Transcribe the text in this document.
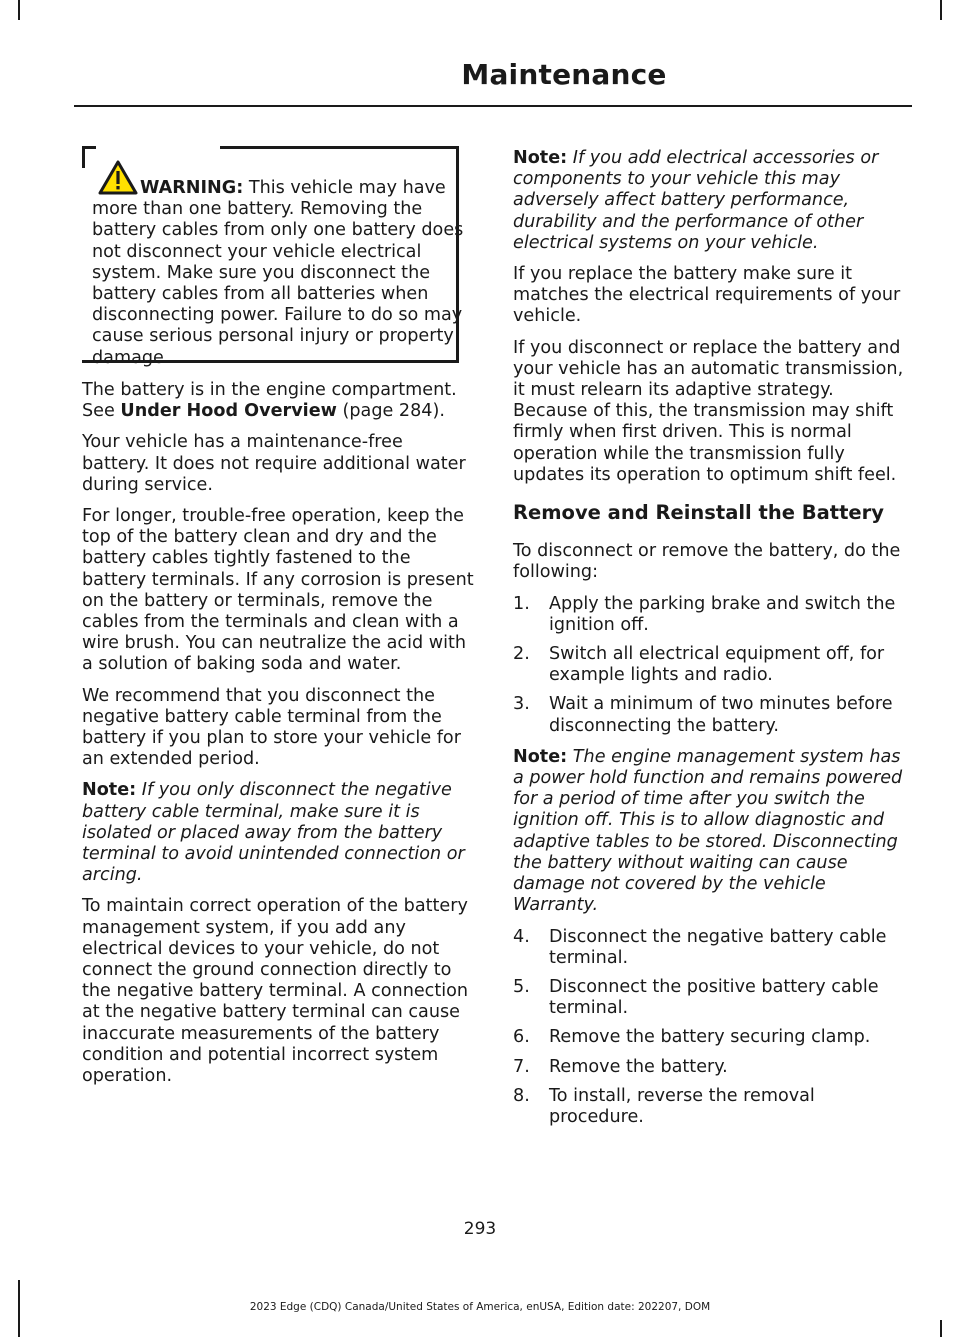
Maintenance
WARNING: This vehicle may have more than one battery. Removing the battery cables from only one battery does not disconnect your vehicle electrical system. Make sure you disconnect the battery cables from all batteries when disconnecting power. Failure to do so may cause serious personal injury or property damage.

The battery is in the engine compartment. See Under Hood Overview (page 284).

Your vehicle has a maintenance-free battery. It does not require additional water during service.

For longer, trouble-free operation, keep the top of the battery clean and dry and the battery cables tightly fastened to the battery terminals. If any corrosion is present on the battery or terminals, remove the cables from the terminals and clean with a wire brush. You can neutralize the acid with a solution of baking soda and water.

We recommend that you disconnect the negative battery cable terminal from the battery if you plan to store your vehicle for an extended period.

Note: If you only disconnect the negative battery cable terminal, make sure it is isolated or placed away from the battery terminal to avoid unintended connection or arcing.

To maintain correct operation of the battery management system, if you add any electrical devices to your vehicle, do not connect the ground connection directly to the negative battery terminal. A connection at the negative battery terminal can cause inaccurate measurements of the battery condition and potential incorrect system operation.

Note: If you add electrical accessories or components to your vehicle this may adversely affect battery performance, durability and the performance of other electrical systems on your vehicle.

If you replace the battery make sure it matches the electrical requirements of your vehicle.

If you disconnect or replace the battery and your vehicle has an automatic transmission, it must relearn its adaptive strategy. Because of this, the transmission may shift firmly when first driven. This is normal operation while the transmission fully updates its operation to optimum shift feel.

Remove and Reinstall the Battery

To disconnect or remove the battery, do the following:

1. Apply the parking brake and switch the ignition off.
2. Switch all electrical equipment off, for example lights and radio.
3. Wait a minimum of two minutes before disconnecting the battery.

Note: The engine management system has a power hold function and remains powered for a period of time after you switch the ignition off. This is to allow diagnostic and adaptive tables to be stored. Disconnecting the battery without waiting can cause damage not covered by the vehicle Warranty.

4. Disconnect the negative battery cable terminal.
5. Disconnect the positive battery cable terminal.
6. Remove the battery securing clamp.
7. Remove the battery.
8. To install, reverse the removal procedure.
293
2023 Edge (CDQ) Canada/United States of America, enUSA, Edition date: 202207, DOM
